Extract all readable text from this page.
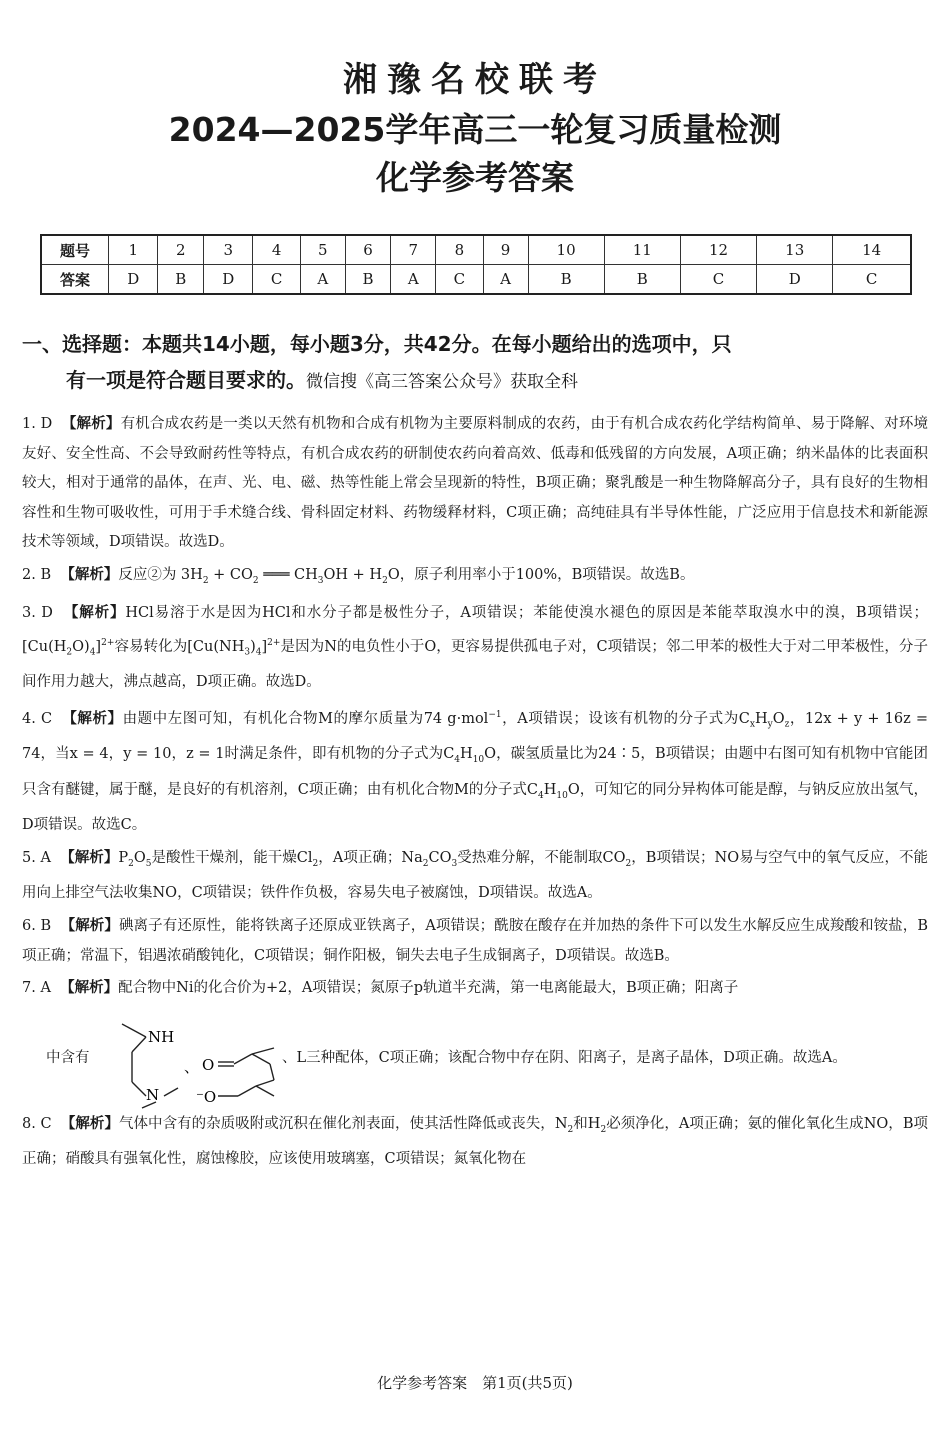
湘豫名校联考
2024—2025学年高三一轮复习质量检测
化学参考答案
题号	1	2	3	4	5	6	7	8	9	10	11	12	13	14
答案	D	B	D	C	A	B	A	C	A	B	B	C	D	C
一、选择题：本题共14小题，每小题3分，共42分。在每小题给出的选项中，只
有一项是符合题目要求的。微信搜《高三答案公众号》获取全科
1. D 【解析】有机合成农药是一类以天然有机物和合成有机物为主要原料制成的农药，由于有机合成农药化学结构简单、易于降解、对环境友好、安全性高、不会导致耐药性等特点，有机合成农药的研制使农药向着高效、低毒和低残留的方向发展，A项正确；纳米晶体的比表面积较大，相对于通常的晶体，在声、光、电、磁、热等性能上常会呈现新的特性，B项正确；聚乳酸是一种生物降解高分子，具有良好的生物相容性和生物可吸收性，可用于手术缝合线、骨科固定材料、药物缓释材料，C项正确；高纯硅具有半导体性能，广泛应用于信息技术和新能源技术等领域，D项错误。故选D。
2. B 【解析】反应②为 $3H_2 + CO_2$ ═══ $CH_3OH + H_2O$，原子利用率小于100%，B项错误。故选B。
3. D 【解析】HCl易溶于水是因为HCl和水分子都是极性分子，A项错误；苯能使溴水褪色的原因是苯能萃取溴水中的溴，B项错误；$[Cu(H_2O)_4]^{2+}$容易转化为$[Cu(NH_3)_4]^{2+}$是因为N的电负性小于O，更容易提供孤电子对，C项错误；邻二甲苯的极性大于对二甲苯极性，分子间作用力越大，沸点越高，D项正确。故选D。
4. C 【解析】由题中左图可知，有机化合物M的摩尔质量为74 g·mol$^{-1}$，A项错误；设该有机物的分子式为$C_xH_yO_z$，12x + y + 16z = 74，当x = 4，y = 10，z = 1时满足条件，即有机物的分子式为$C_4H_{10}O$，碳氢质量比为24∶5，B项错误；由题中右图可知有机物中官能团只含有醚键，属于醚，是良好的有机溶剂，C项正确；由有机化合物M的分子式$C_4H_{10}O$，可知它的同分异构体可能是醇，与钠反应放出氢气，D项错误。故选C。
5. A 【解析】$P_2O_5$是酸性干燥剂，能干燥$Cl_2$，A项正确；$Na_2CO_3$受热难分解，不能制取$CO_2$，B项错误；NO易与空气中的氧气反应，不能用向上排空气法收集NO，C项错误；铁件作负极，容易失电子被腐蚀，D项错误。故选A。
6. B 【解析】碘离子有还原性，能将铁离子还原成亚铁离子，A项错误；酰胺在酸存在并加热的条件下可以发生水解反应生成羧酸和铵盐，B项正确；常温下，铝遇浓硝酸钝化，C项错误；铜作阳极，铜失去电子生成铜离子，D项错误。故选B。
7. A 【解析】配合物中Ni的化合价为+2，A项错误；氮原子p轨道半充满，第一电离能最大，B项正确；阳离子
中含有
NH
N
、 O
⁻O
、L三种配体，C项正确；该配合物中存在阴、阳离子，是离子晶体，D项正确。故选A。
8. C 【解析】气体中含有的杂质吸附或沉积在催化剂表面，使其活性降低或丧失，$N_2$和$H_2$必须净化，A项正确；氨的催化氧化生成NO，B项正确；硝酸具有强氧化性，腐蚀橡胶，应该使用玻璃塞，C项错误；氮氧化物在
化学参考答案　第1页(共5页)
